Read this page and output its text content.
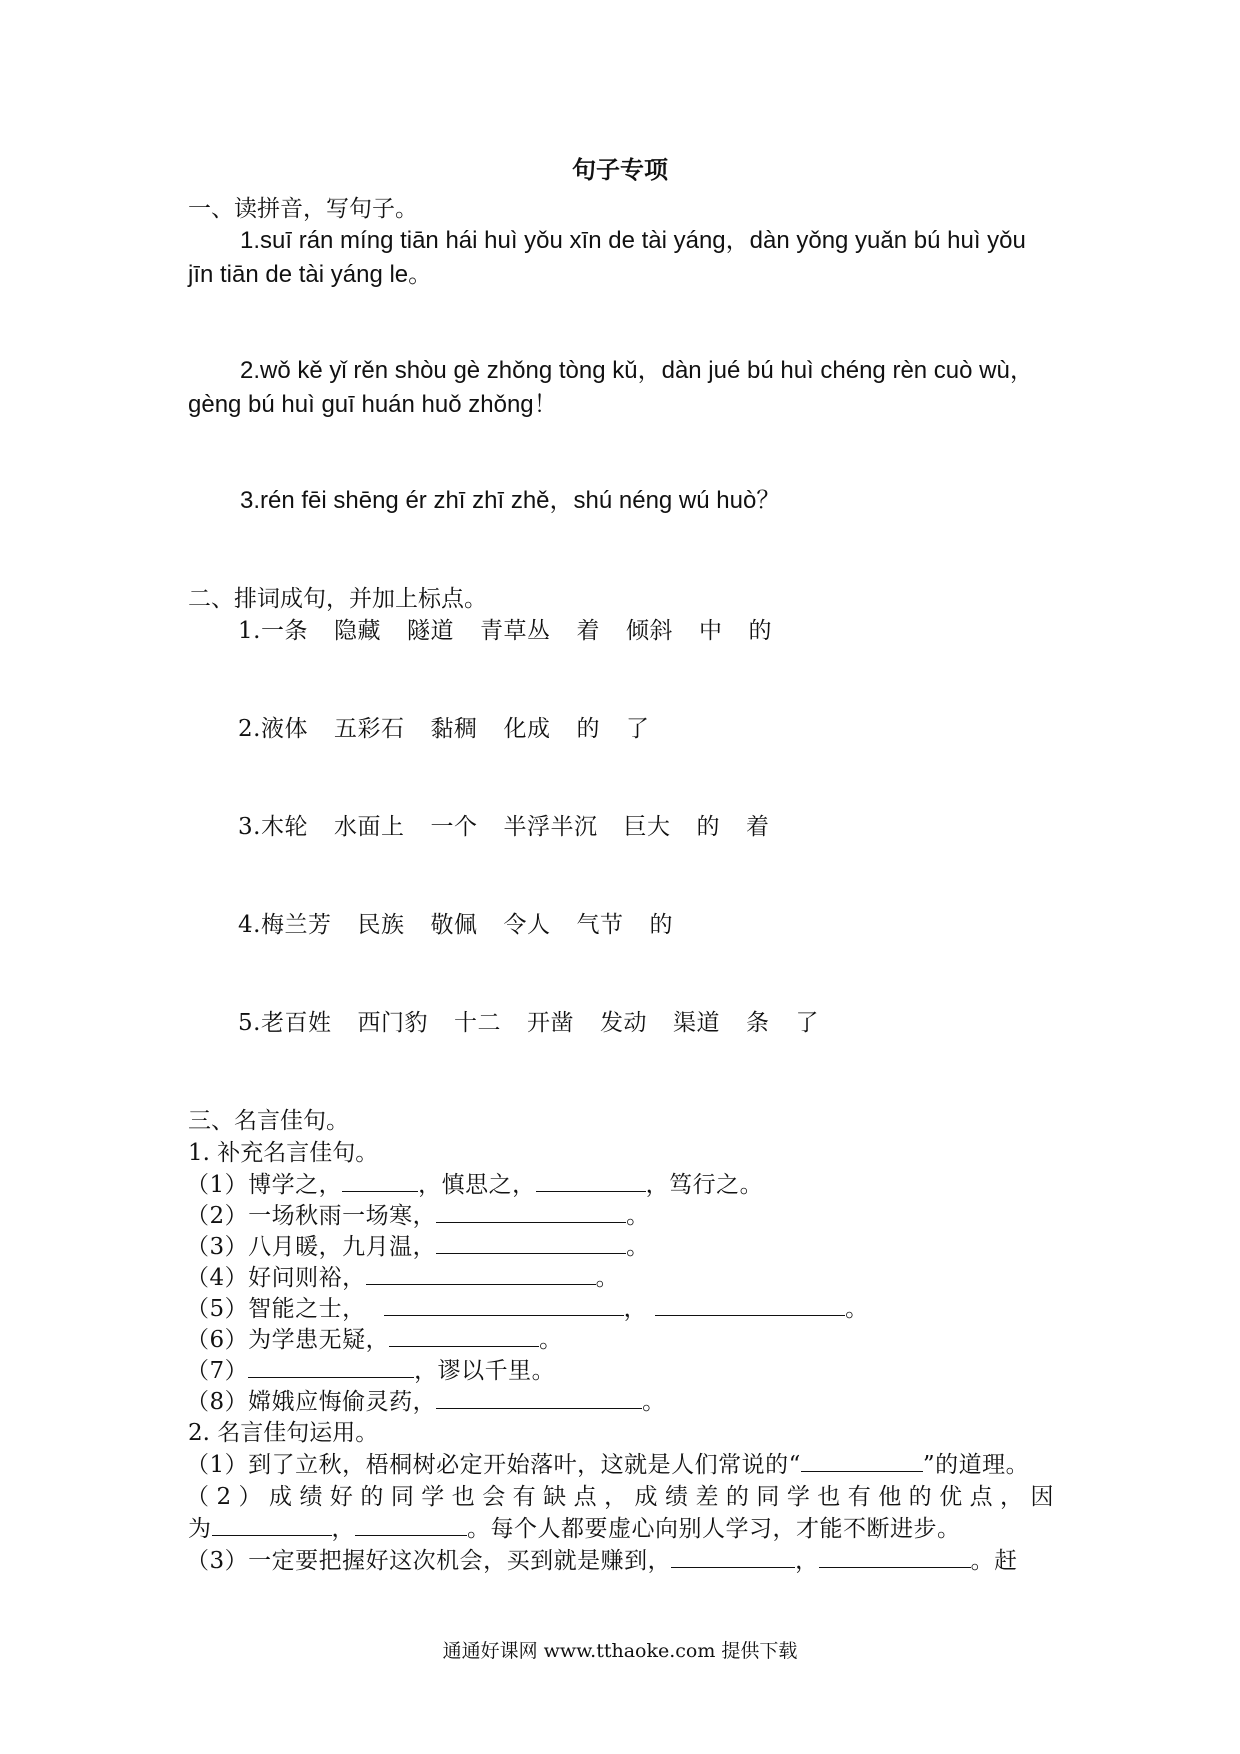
句子专项
一、读拼音，写句子。
1.suī rán míng tiān hái huì yǒu xīn de tài yáng，dàn yǒng yuǎn bú huì yǒu
jīn tiān de tài yáng le。
2.wǒ kě yǐ rěn shòu gè zhǒng tòng kǔ，dàn jué bú huì chéng rèn cuò wù，
gèng bú huì guī huán huǒ zhǒng！
3.rén fēi shēng ér zhī zhī zhě，shú néng wú huò？
二、排词成句，并加上标点。
1.一条 隐藏 隧道 青草丛 着 倾斜 中 的
2.液体 五彩石 黏稠 化成 的 了
3.木轮 水面上 一个 半浮半沉 巨大 的 着
4.梅兰芳 民族 敬佩 令人 气节 的
5.老百姓 西门豹 十二 开凿 发动 渠道 条 了
三、名言佳句。
1. 补充名言佳句。
（1）博学之，	，慎思之，	，笃行之。
（2）一场秋雨一场寒，	。
（3）八月暖，九月温，	。
（4）好问则裕，	。
（5）智能之士，	，	。
（6）为学患无疑，	。
（7）	，谬以千里。
（8）嫦娥应悔偷灵药，	。
2. 名言佳句运用。
（1）到了立秋，梧桐树必定开始落叶，这就是人们常说的“	”的道理。
（2）成绩好的同学也会有缺点，成绩差的同学也有他的优点，因
为	，	。每个人都要虚心向别人学习，才能不断进步。
（3）一定要把握好这次机会，买到就是赚到，	，	。赶
通通好课网 www.tthaoke.com 提供下载
